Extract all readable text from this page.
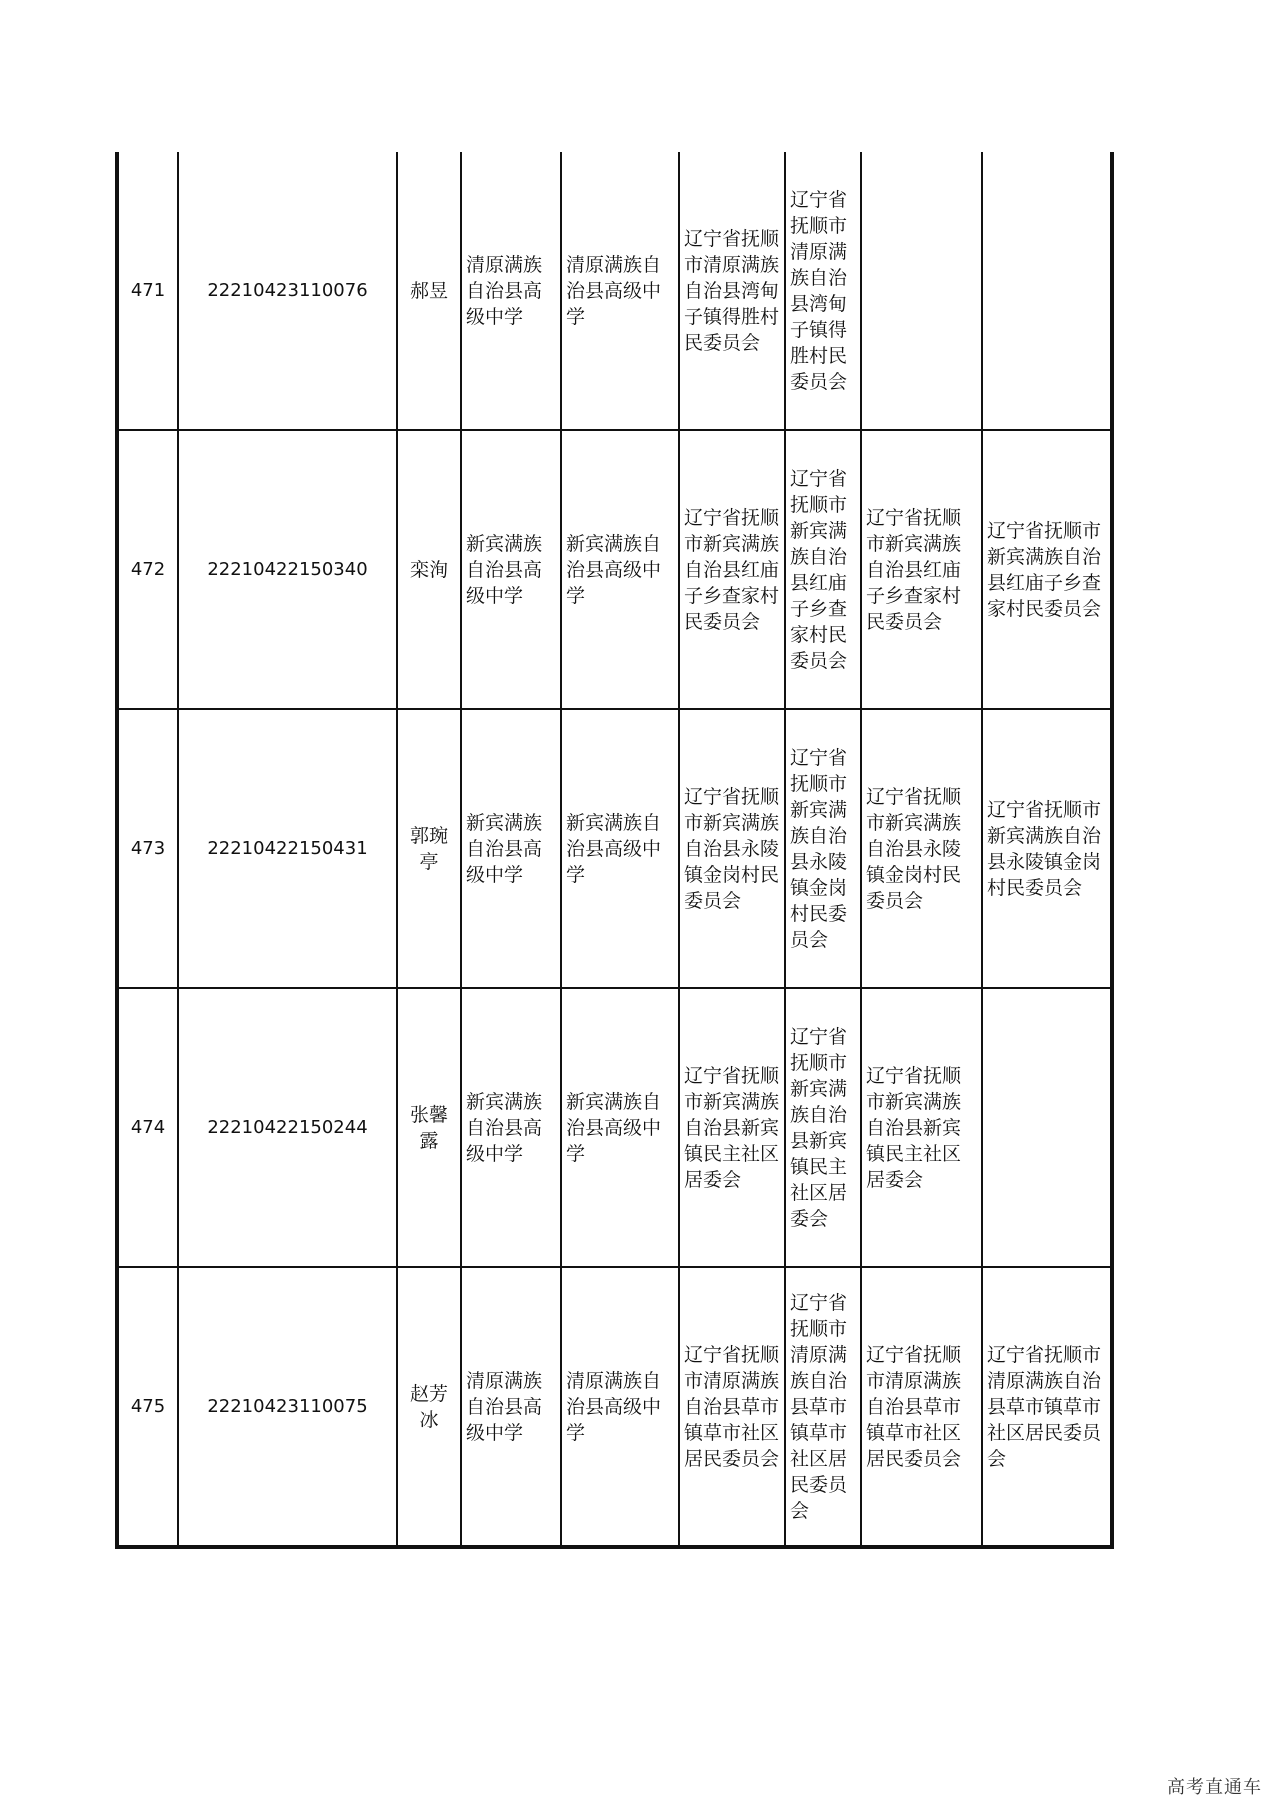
471	22210423110076	郝昱	清原满族自治县高级中学	清原满族自治县高级中学	辽宁省抚顺市清原满族自治县湾甸子镇得胜村民委员会	辽宁省抚顺市清原满族自治县湾甸子镇得胜村民委员会		
472	22210422150340	栾洵	新宾满族自治县高级中学	新宾满族自治县高级中学	辽宁省抚顺市新宾满族自治县红庙子乡查家村民委员会	辽宁省抚顺市新宾满族自治县红庙子乡查家村民委员会	辽宁省抚顺市新宾满族自治县红庙子乡查家村民委员会	辽宁省抚顺市新宾满族自治县红庙子乡查家村民委员会
473	22210422150431	郭琬亭	新宾满族自治县高级中学	新宾满族自治县高级中学	辽宁省抚顺市新宾满族自治县永陵镇金岗村民委员会	辽宁省抚顺市新宾满族自治县永陵镇金岗村民委员会	辽宁省抚顺市新宾满族自治县永陵镇金岗村民委员会	辽宁省抚顺市新宾满族自治县永陵镇金岗村民委员会
474	22210422150244	张馨露	新宾满族自治县高级中学	新宾满族自治县高级中学	辽宁省抚顺市新宾满族自治县新宾镇民主社区居委会	辽宁省抚顺市新宾满族自治县新宾镇民主社区居委会	辽宁省抚顺市新宾满族自治县新宾镇民主社区居委会	
475	22210423110075	赵芳冰	清原满族自治县高级中学	清原满族自治县高级中学	辽宁省抚顺市清原满族自治县草市镇草市社区居民委员会	辽宁省抚顺市清原满族自治县草市镇草市社区居民委员会	辽宁省抚顺市清原满族自治县草市镇草市社区居民委员会	辽宁省抚顺市清原满族自治县草市镇草市社区居民委员会
高考直通车
